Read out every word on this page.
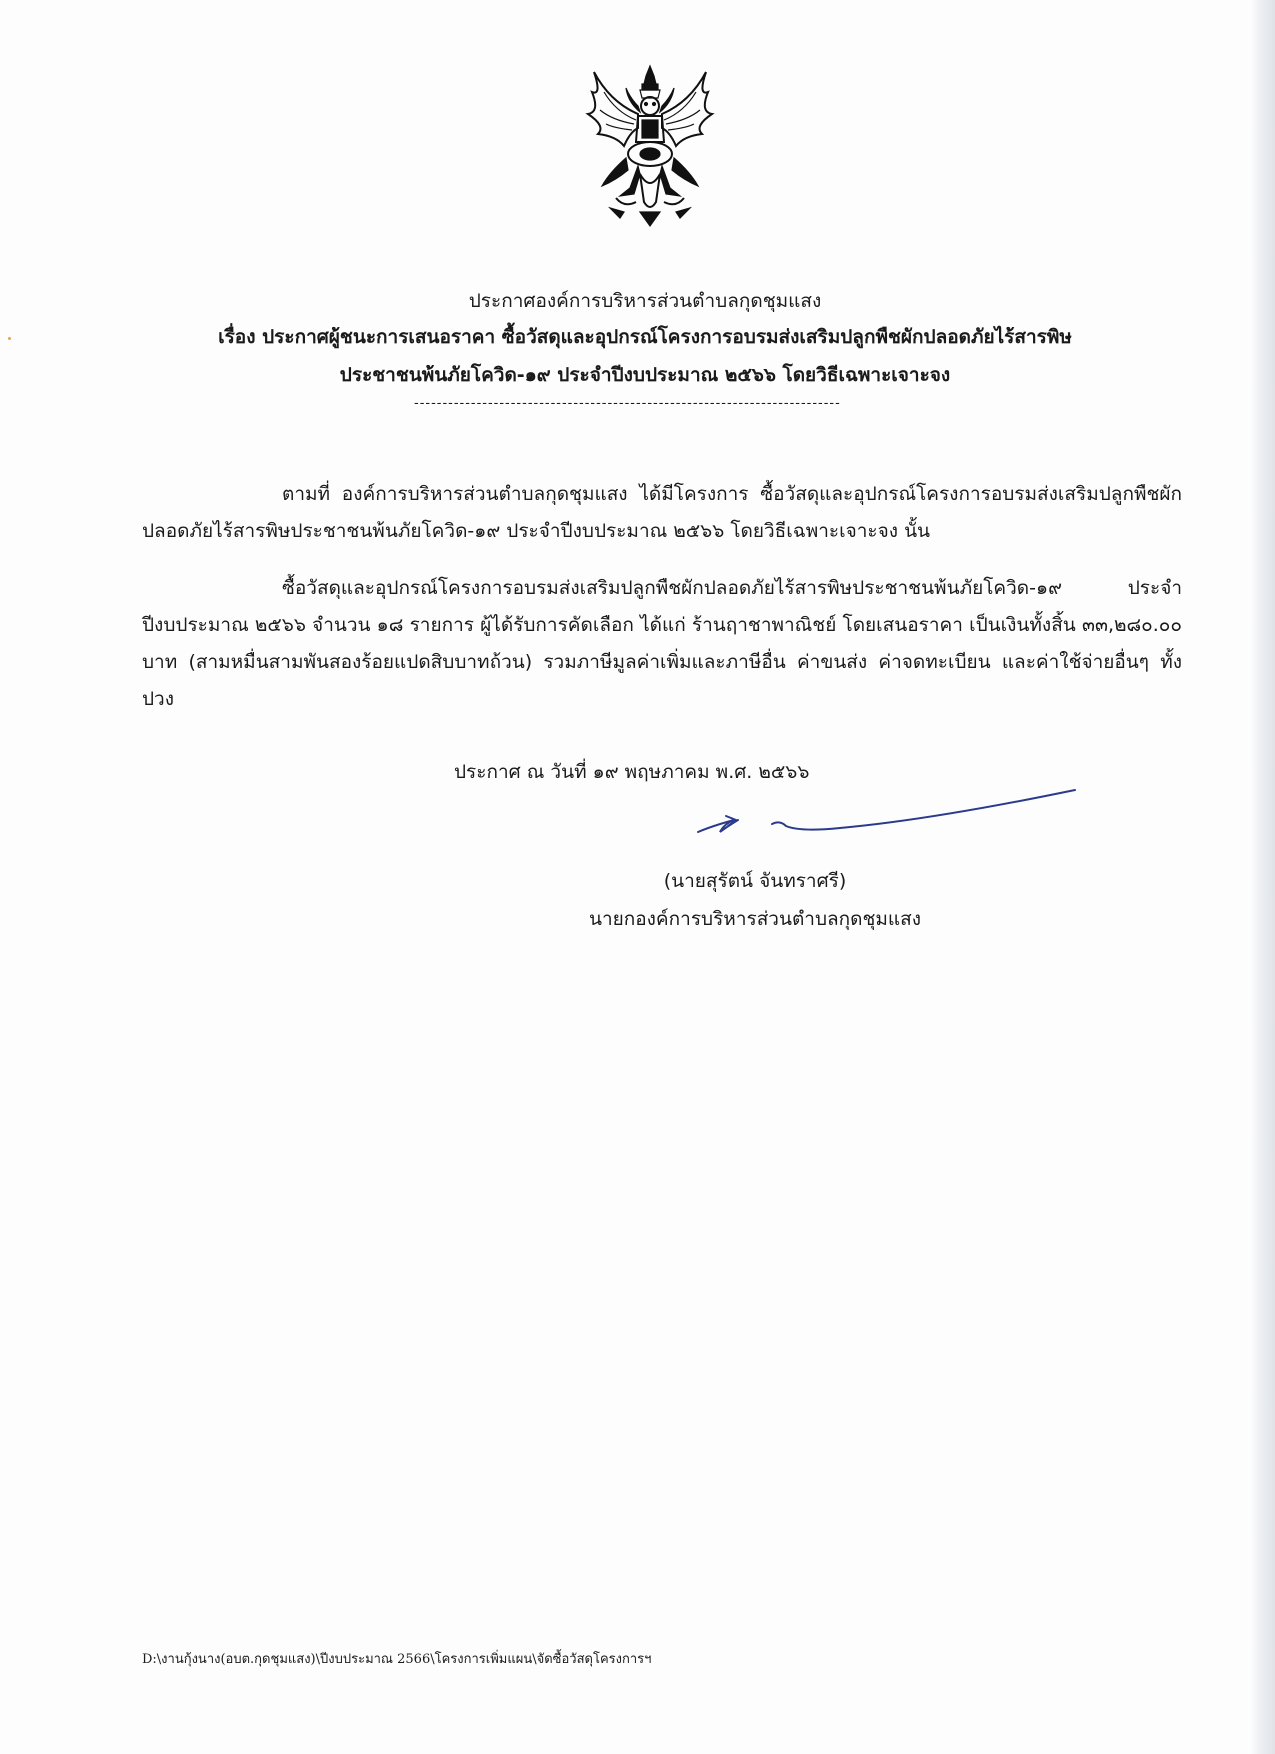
ประกาศองค์การบริหารส่วนตำบลกุดชุมแสง
เรื่อง ประกาศผู้ชนะการเสนอราคา ซื้อวัสดุและอุปกรณ์โครงการอบรมส่งเสริมปลูกพืชผักปลอดภัยไร้สารพิษ
ประชาชนพ้นภัยโควิด-๑๙ ประจำปีงบประมาณ ๒๕๖๖ โดยวิธีเฉพาะเจาะจง
---------------------------------------------------------------------------
ตามที่ องค์การบริหารส่วนตำบลกุดชุมแสง ได้มีโครงการ ซื้อวัสดุและอุปกรณ์โครงการอบรมส่งเสริมปลูกพืชผักปลอดภัยไร้สารพิษประชาชนพ้นภัยโควิด-๑๙ ประจำปีงบประมาณ ๒๕๖๖ โดยวิธีเฉพาะเจาะจง นั้น
ซื้อวัสดุและอุปกรณ์โครงการอบรมส่งเสริมปลูกพืชผักปลอดภัยไร้สารพิษประชาชนพ้นภัยโควิด-๑๙ ประจำปีงบประมาณ ๒๕๖๖ จำนวน ๑๘ รายการ ผู้ได้รับการคัดเลือก ได้แก่ ร้านฤาชาพาณิชย์ โดยเสนอราคา เป็นเงินทั้งสิ้น ๓๓,๒๘๐.๐๐ บาท (สามหมื่นสามพันสองร้อยแปดสิบบาทถ้วน) รวมภาษีมูลค่าเพิ่มและภาษีอื่น ค่าขนส่ง ค่าจดทะเบียน และค่าใช้จ่ายอื่นๆ ทั้งปวง
ประกาศ ณ วันที่ ๑๙ พฤษภาคม พ.ศ. ๒๕๖๖
(นายสุรัตน์ จันทราศรี)
นายกองค์การบริหารส่วนตำบลกุดชุมแสง
D:\งานกุ้งนาง(อบต.กุดชุมแสง)\ปีงบประมาณ 2566\โครงการเพิ่มแผน\จัดซื้อวัสดุโครงการฯ
